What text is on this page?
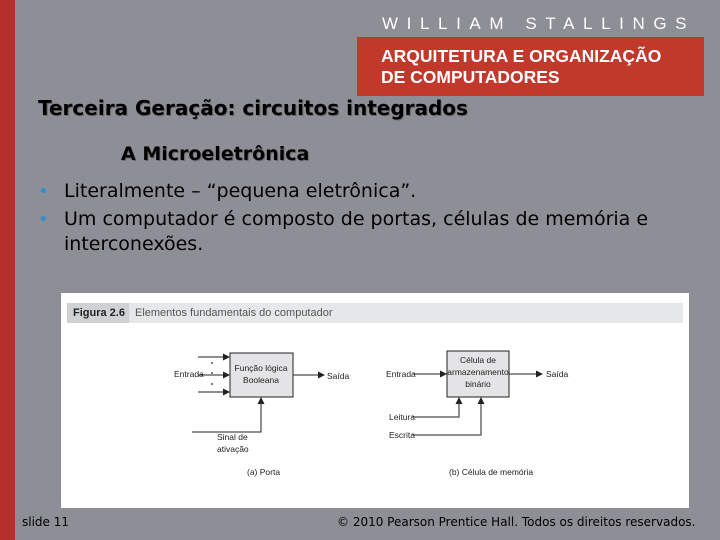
WILLIAM STALLINGS
ARQUITETURA E ORGANIZAÇÃO
DE COMPUTADORES
Terceira Geração: circuitos integrados
A Microeletrônica
• Literalmente – “pequena eletrônica”.
• Um computador é composto de portas, células de memória e interconexões.
Figura 2.6 Elementos fundamentais do computador
Função lógica
Booleana
Entrada	Saída
Sinal de
ativação
(a) Porta
Célula de
armazenamento
binário
Entrada	Saída
Leitura
Escrita
(b) Célula de memória
slide 11	© 2010 Pearson Prentice Hall. Todos os direitos reservados.
